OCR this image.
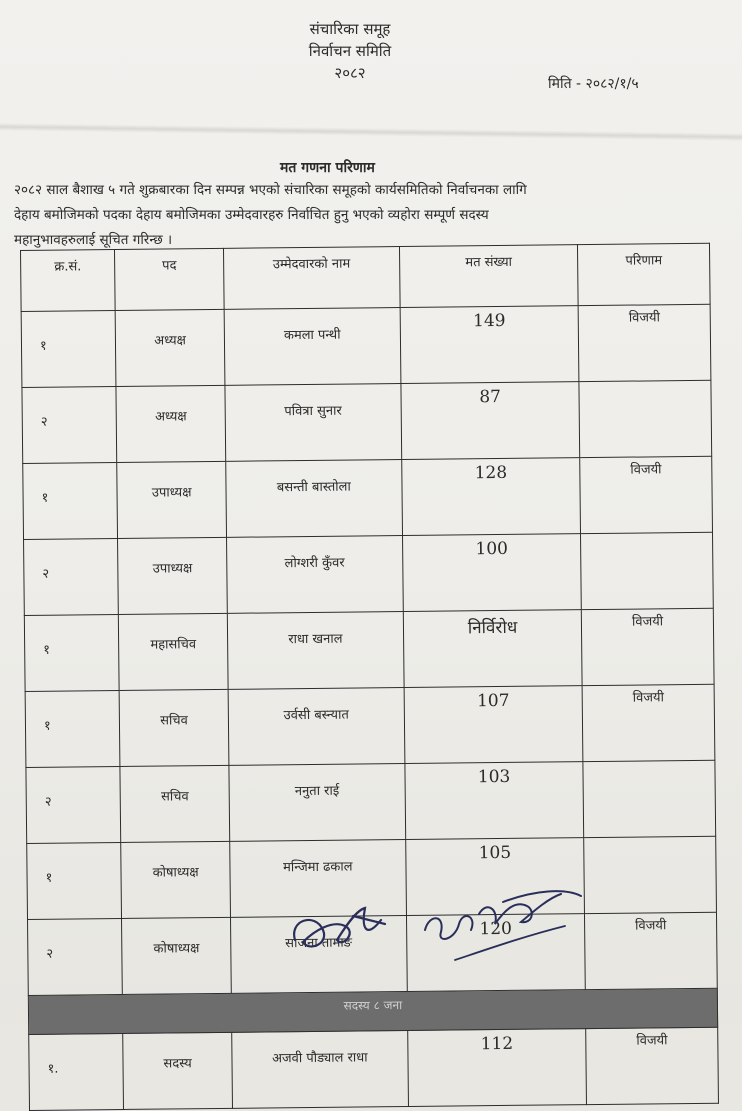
संचारिका समूह
निर्वाचन समिति
२०८२
मिति - २०८२/१/५
मत गणना परिणाम
२०८२ साल बैशाख ५ गते शुक्रबारका दिन सम्पन्न भएको संचारिका समूहको कार्यसमितिको निर्वाचनका लागि
देहाय बमोजिमको पदका देहाय बमोजिमका उम्मेदवारहरु निर्वाचित हुनु भएको व्यहोरा सम्पूर्ण सदस्य
महानुभावहरुलाई सूचित गरिन्छ ।
क्र.सं.	पद	उम्मेदवारको नाम	मत संख्या	परिणाम
१	अध्यक्ष	कमला पन्थी	149	विजयी
२	अध्यक्ष	पवित्रा सुनार	87	
१	उपाध्यक्ष	बसन्ती बास्तोला	128	विजयी
२	उपाध्यक्ष	लोग्शरी कुँवर	100	
१	महासचिव	राधा खनाल	निर्विरोध	विजयी
१	सचिव	उर्वसी बस्न्यात	107	विजयी
२	सचिव	ननुता राई	103	
१	कोषाध्यक्ष	मन्जिमा ढकाल	105	
२	कोषाध्यक्ष	साजना तामाङ	120	विजयी
सदस्य ८ जना				
१.	सदस्य	अजवी पौड्याल राधा	112	विजयी
